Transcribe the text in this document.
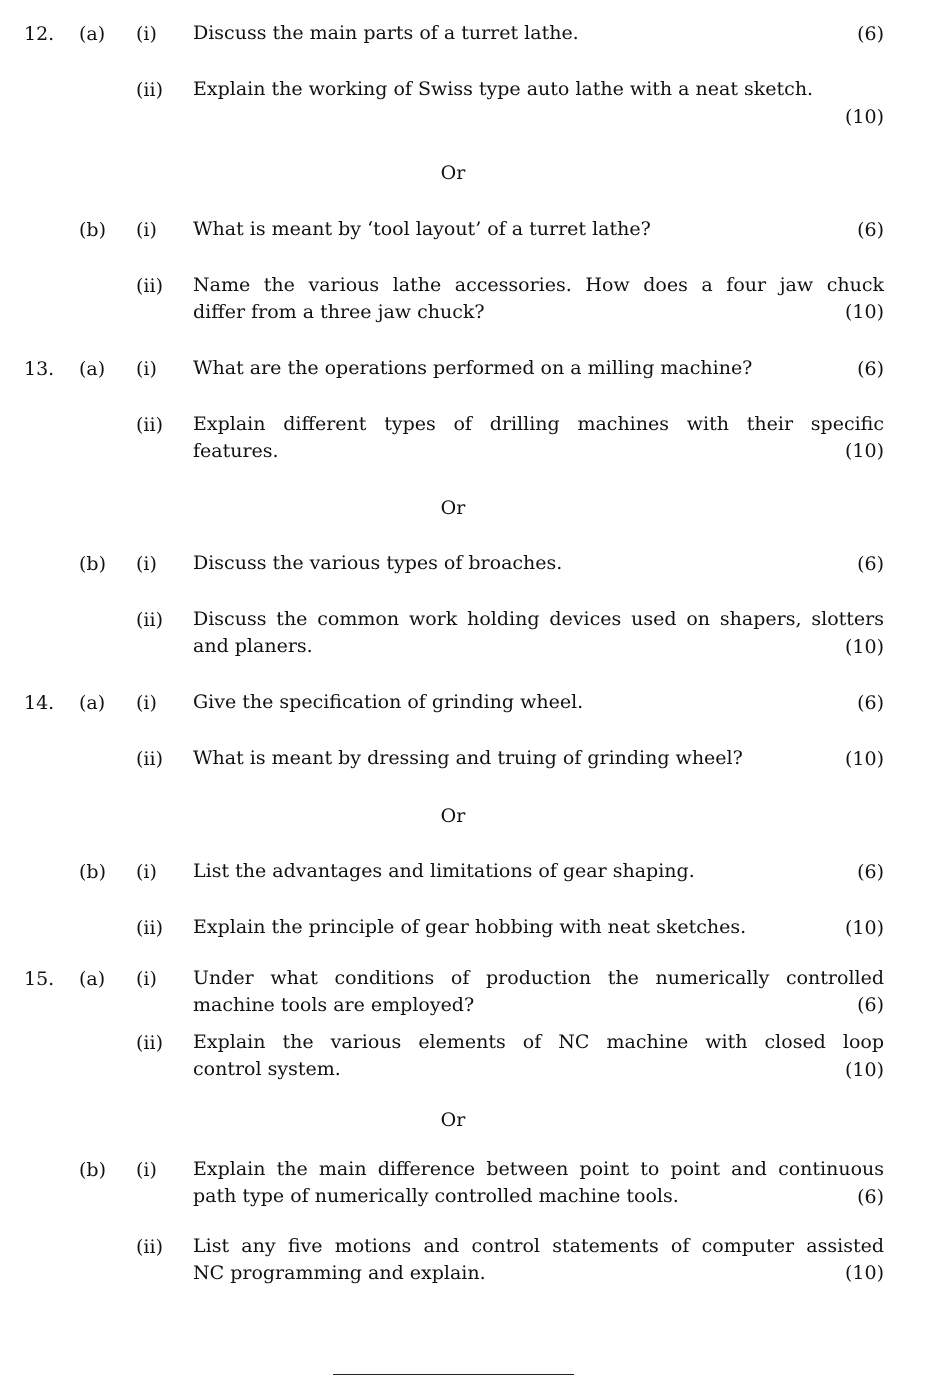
12. (a) (i) Discuss the main parts of a turret lathe.	(6)
(ii) Explain the working of Swiss type auto lathe with a neat sketch.
(10)
Or
(b) (i) What is meant by ‘tool layout’ of a turret lathe?	(6)
(ii) Name the various lathe accessories. How does a four jaw chuck
differ from a three jaw chuck?	(10)
13. (a) (i) What are the operations performed on a milling machine?	(6)
(ii) Explain different types of drilling machines with their specific
features.	(10)
Or
(b) (i) Discuss the various types of broaches.	(6)
(ii) Discuss the common work holding devices used on shapers, slotters
and planers.	(10)
14. (a) (i) Give the specification of grinding wheel.	(6)
(ii) What is meant by dressing and truing of grinding wheel?	(10)
Or
(b) (i) List the advantages and limitations of gear shaping.	(6)
(ii) Explain the principle of gear hobbing with neat sketches.	(10)
15. (a) (i) Under what conditions of production the numerically controlled
machine tools are employed?	(6)
(ii) Explain the various elements of NC machine with closed loop
control system.	(10)
Or
(b) (i) Explain the main difference between point to point and continuous
path type of numerically controlled machine tools.	(6)
(ii) List any five motions and control statements of computer assisted
NC programming and explain.	(10)
